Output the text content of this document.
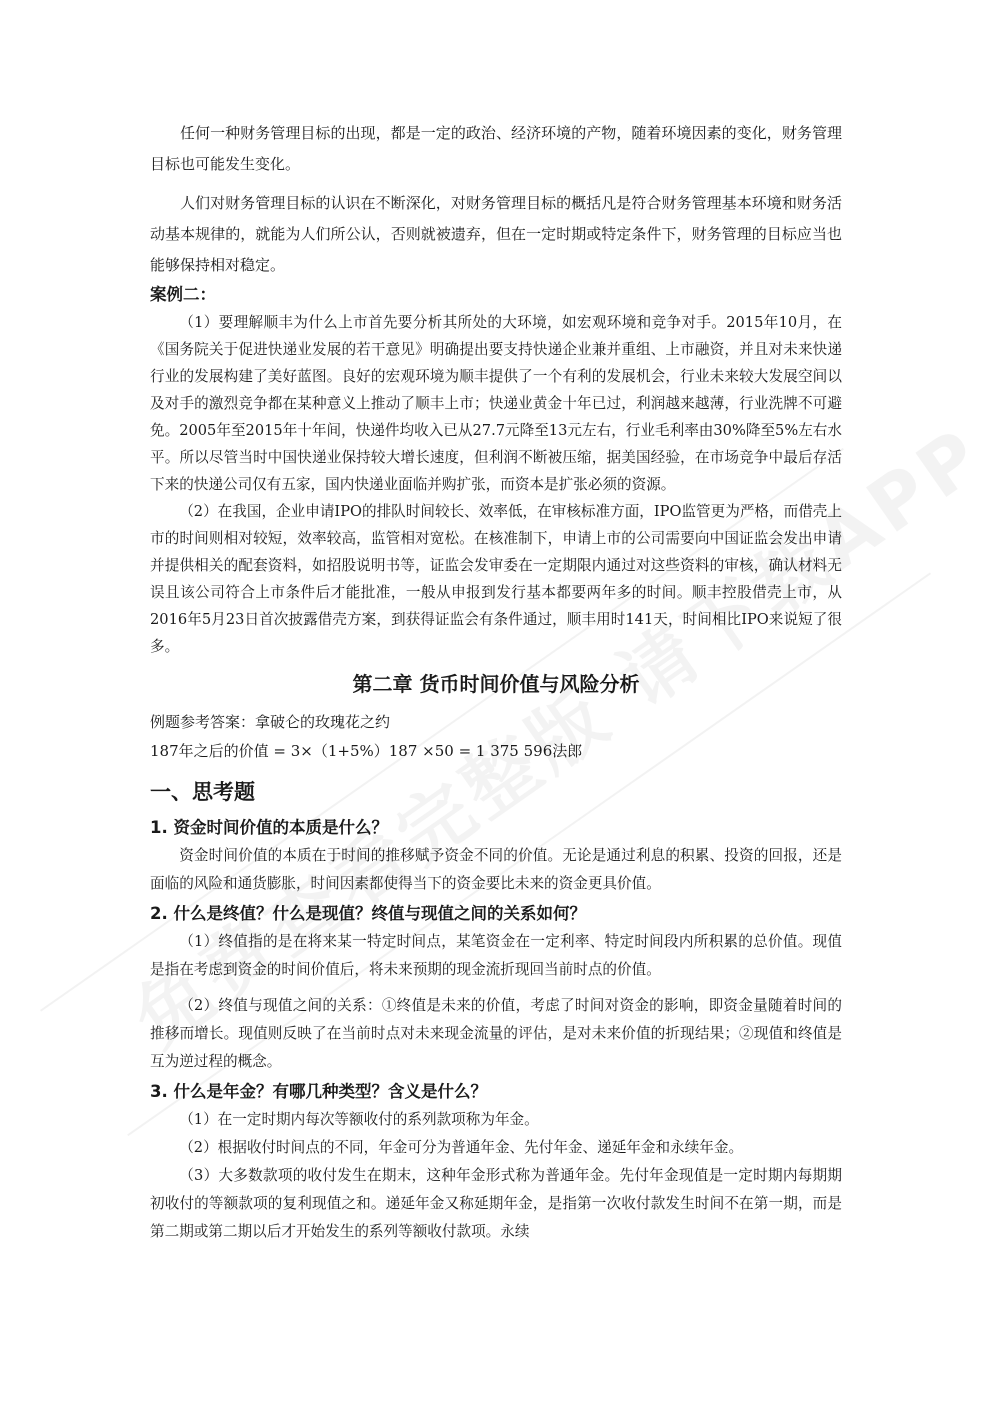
任何一种财务管理目标的出现，都是一定的政治、经济环境的产物，随着环境因素的变化，财务管理目标也可能发生变化。

人们对财务管理目标的认识在不断深化，对财务管理目标的概括凡是符合财务管理基本环境和财务活动基本规律的，就能为人们所公认，否则就被遗弃，但在一定时期或特定条件下，财务管理的目标应当也能够保持相对稳定。

案例二：

（1）要理解顺丰为什么上市首先要分析其所处的大环境，如宏观环境和竞争对手。2015年10月，在《国务院关于促进快递业发展的若干意见》明确提出要支持快递企业兼并重组、上市融资，并且对未来快递行业的发展构建了美好蓝图。良好的宏观环境为顺丰提供了一个有利的发展机会，行业未来较大发展空间以及对手的激烈竞争都在某种意义上推动了顺丰上市；快递业黄金十年已过，利润越来越薄，行业洗牌不可避免。2005年至2015年十年间，快递件均收入已从27.7元降至13元左右，行业毛利率由30%降至5%左右水平。所以尽管当时中国快递业保持较大增长速度，但利润不断被压缩，据美国经验，在市场竞争中最后存活下来的快递公司仅有五家，国内快递业面临并购扩张，而资本是扩张必须的资源。

（2）在我国，企业申请IPO的排队时间较长、效率低，在审核标准方面，IPO监管更为严格，而借壳上市的时间则相对较短，效率较高，监管相对宽松。在核准制下，申请上市的公司需要向中国证监会发出申请并提供相关的配套资料，如招股说明书等，证监会发审委在一定期限内通过对这些资料的审核，确认材料无误且该公司符合上市条件后才能批准，一般从申报到发行基本都要两年多的时间。顺丰控股借壳上市，从2016年5月23日首次披露借壳方案，到获得证监会有条件通过，顺丰用时141天，时间相比IPO来说短了很多。

第二章 货币时间价值与风险分析

例题参考答案：拿破仑的玫瑰花之约

187年之后的价值 = 3×（1+5%）187 ×50 = 1 375 596法郎

一、思考题
1. 资金时间价值的本质是什么？

资金时间价值的本质在于时间的推移赋予资金不同的价值。无论是通过利息的积累、投资的回报，还是面临的风险和通货膨胀，时间因素都使得当下的资金要比未来的资金更具价值。

2. 什么是终值？什么是现值？终值与现值之间的关系如何？

（1）终值指的是在将来某一特定时间点，某笔资金在一定利率、特定时间段内所积累的总价值。现值是指在考虑到资金的时间价值后，将未来预期的现金流折现回当前时点的价值。

（2）终值与现值之间的关系：①终值是未来的价值，考虑了时间对资金的影响，即资金量随着时间的推移而增长。现值则反映了在当前时点对未来现金流量的评估，是对未来价值的折现结果；②现值和终值是互为逆过程的概念。

3. 什么是年金？有哪几种类型？含义是什么？

（1）在一定时期内每次等额收付的系列款项称为年金。

（2）根据收付时间点的不同，年金可分为普通年金、先付年金、递延年金和永续年金。

（3）大多数款项的收付发生在期末，这种年金形式称为普通年金。先付年金现值是一定时期内每期期初收付的等额款项的复利现值之和。递延年金又称延期年金，是指第一次收付款发生时间不在第一期，而是第二期或第二期以后才开始发生的系列等额收付款项。永续
